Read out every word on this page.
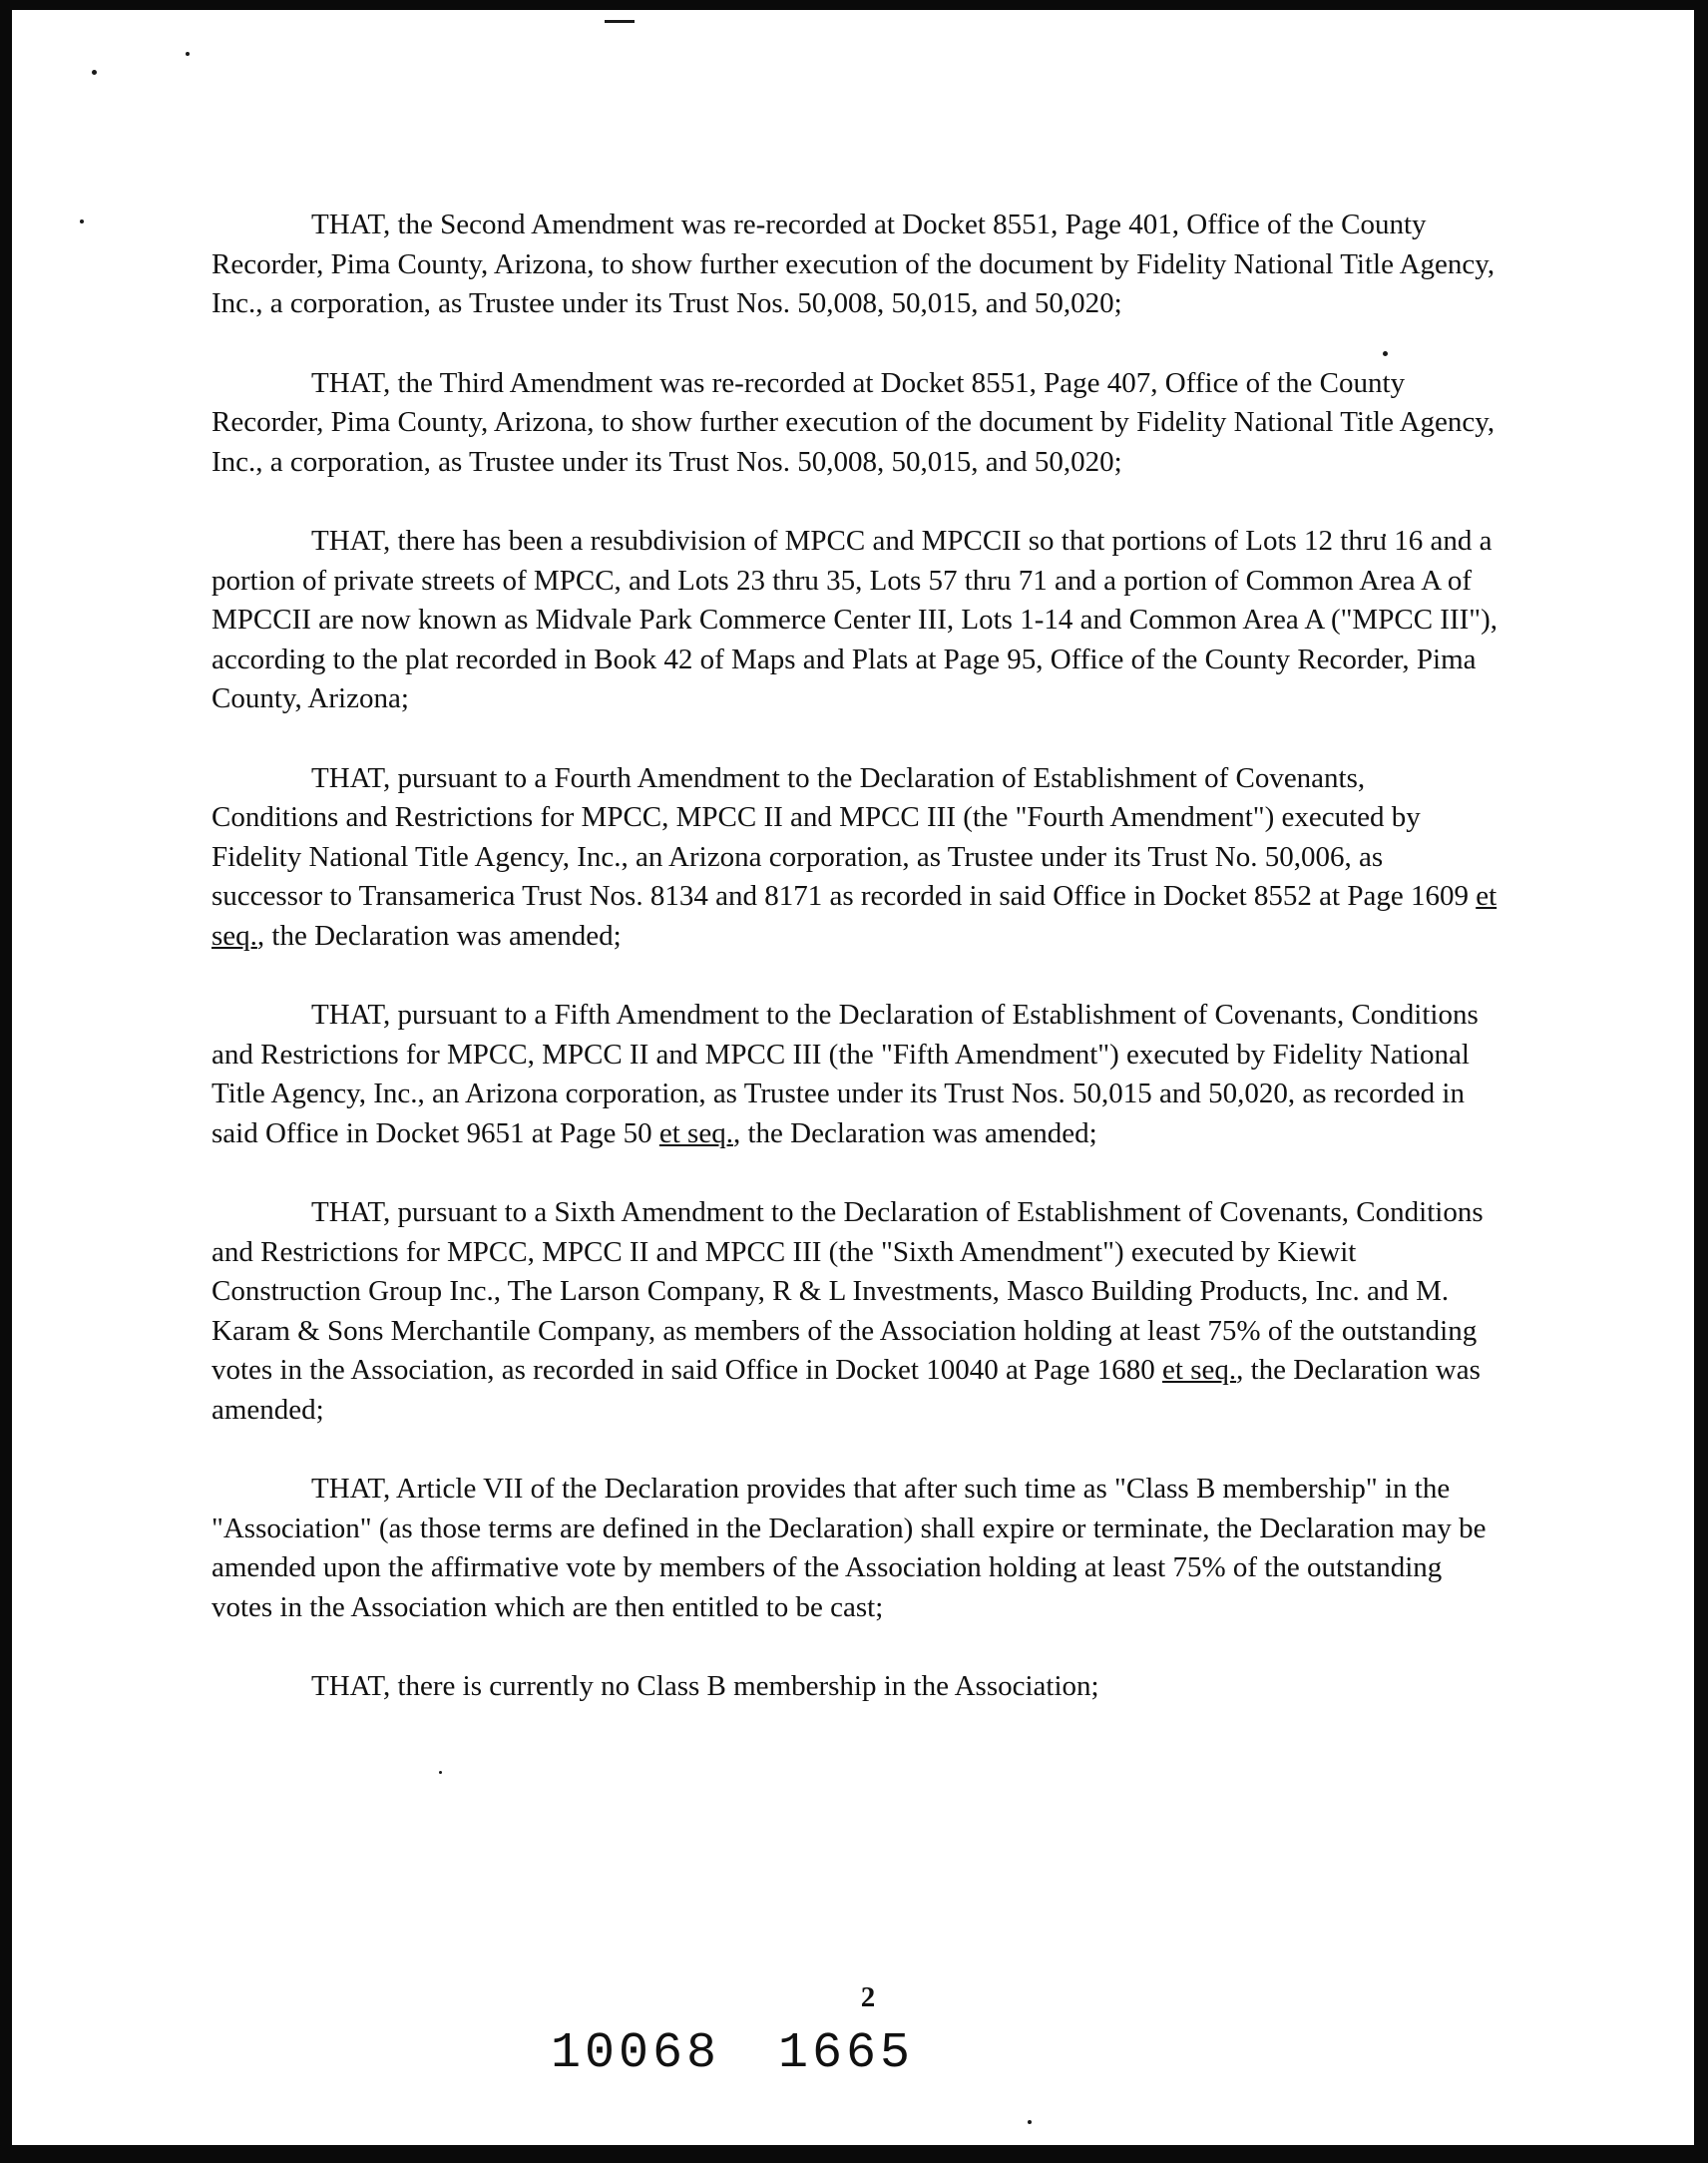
THAT, the Second Amendment was re-recorded at Docket 8551, Page 401, Office of the County Recorder, Pima County, Arizona, to show further execution of the document by Fidelity National Title Agency, Inc., a corporation, as Trustee under its Trust Nos. 50,008, 50,015, and 50,020;

THAT, the Third Amendment was re-recorded at Docket 8551, Page 407, Office of the County Recorder, Pima County, Arizona, to show further execution of the document by Fidelity National Title Agency, Inc., a corporation, as Trustee under its Trust Nos. 50,008, 50,015, and 50,020;

THAT, there has been a resubdivision of MPCC and MPCCII so that portions of Lots 12 thru 16 and a portion of private streets of MPCC, and Lots 23 thru 35, Lots 57 thru 71 and a portion of Common Area A of MPCCII are now known as Midvale Park Commerce Center III, Lots 1-14 and Common Area A ("MPCC III"), according to the plat recorded in Book 42 of Maps and Plats at Page 95, Office of the County Recorder, Pima County, Arizona;

THAT, pursuant to a Fourth Amendment to the Declaration of Establishment of Covenants, Conditions and Restrictions for MPCC, MPCC II and MPCC III (the "Fourth Amendment") executed by Fidelity National Title Agency, Inc., an Arizona corporation, as Trustee under its Trust No. 50,006, as successor to Transamerica Trust Nos. 8134 and 8171 as recorded in said Office in Docket 8552 at Page 1609 et seq., the Declaration was amended;

THAT, pursuant to a Fifth Amendment to the Declaration of Establishment of Covenants, Conditions and Restrictions for MPCC, MPCC II and MPCC III (the "Fifth Amendment") executed by Fidelity National Title Agency, Inc., an Arizona corporation, as Trustee under its Trust Nos. 50,015 and 50,020, as recorded in said Office in Docket 9651 at Page 50 et seq., the Declaration was amended;

THAT, pursuant to a Sixth Amendment to the Declaration of Establishment of Covenants, Conditions and Restrictions for MPCC, MPCC II and MPCC III (the "Sixth Amendment") executed by Kiewit Construction Group Inc., The Larson Company, R & L Investments, Masco Building Products, Inc. and M. Karam & Sons Merchantile Company, as members of the Association holding at least 75% of the outstanding votes in the Association, as recorded in said Office in Docket 10040 at Page 1680 et seq., the Declaration was amended;

THAT, Article VII of the Declaration provides that after such time as "Class B membership" in the "Association" (as those terms are defined in the Declaration) shall expire or terminate, the Declaration may be amended upon the affirmative vote by members of the Association holding at least 75% of the outstanding votes in the Association which are then entitled to be cast;

THAT, there is currently no Class B membership in the Association;

2
10068 1665
